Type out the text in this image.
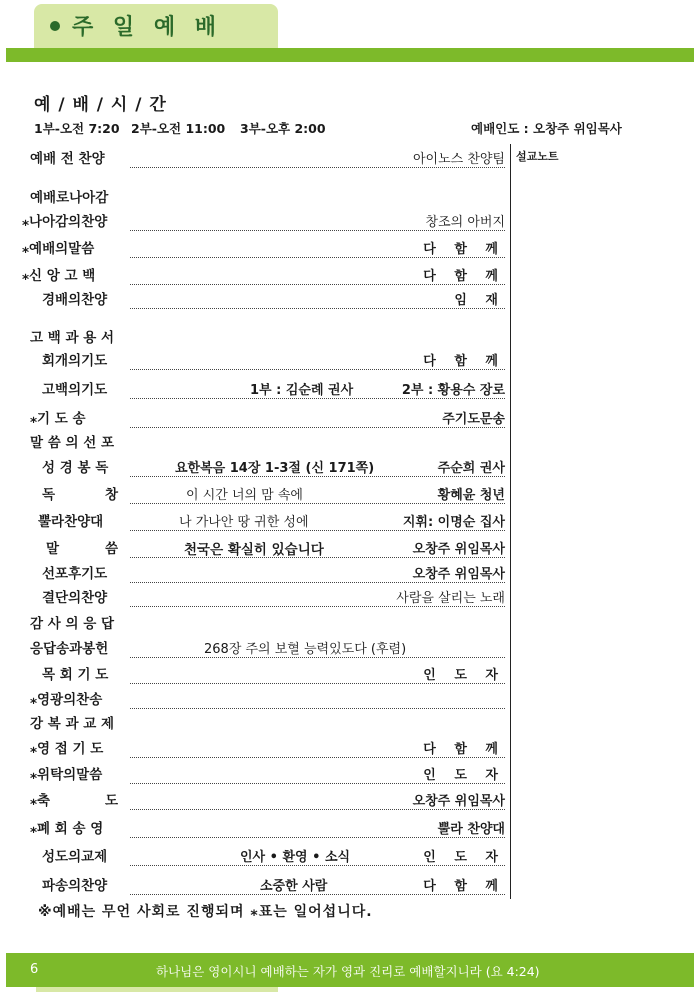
주 일 예 배
예 / 배 / 시 / 간
1부-오전 7:20 2부-오전 11:00 3부-오후 2:00	예배인도 : 오창주 위임목사
설교노트
예배 전 찬양	아이노스 찬양팀
예배로나아감
⁎나아감의찬양	창조의 아버지
⁎예배의말씀	다 함 께
⁎신 앙 고 백	다 함 께
경배의찬양	임 재
고 백 과 용 서
회개의기도	다 함 께
고백의기도	1부 : 김순례 권사	2부 : 황용수 장로
⁎기 도 송	주기도문송
말 씀 의 선 포
성 경 봉 독	요한복음 14장 1-3절 (신 171쪽)	주순희 권사
독 창	이 시간 너의 맘 속에	황혜윤 청년
뿔라찬양대	나 가나안 땅 귀한 성에	지휘: 이명순 집사
말 씀	천국은 확실히 있습니다	오창주 위임목사
선포후기도	오창주 위임목사
결단의찬양	사람을 살리는 노래
감 사 의 응 답
응답송과봉헌	268장 주의 보혈 능력있도다 (후렴)
목 회 기 도	인 도 자
⁎영광의찬송
강 복 과 교 제
⁎영 접 기 도	다 함 께
⁎위탁의말씀	인 도 자
⁎축 도	오창주 위임목사
⁎폐 회 송 영	뿔라 찬양대
성도의교제	인사 • 환영 • 소식	인 도 자
파송의찬양	소중한 사람	다 함 께
※예배는 무언 사회로 진행되며 ⁎표는 일어섭니다.
6	하나님은 영이시니 예배하는 자가 영과 진리로 예배할지니라 (요 4:24)
